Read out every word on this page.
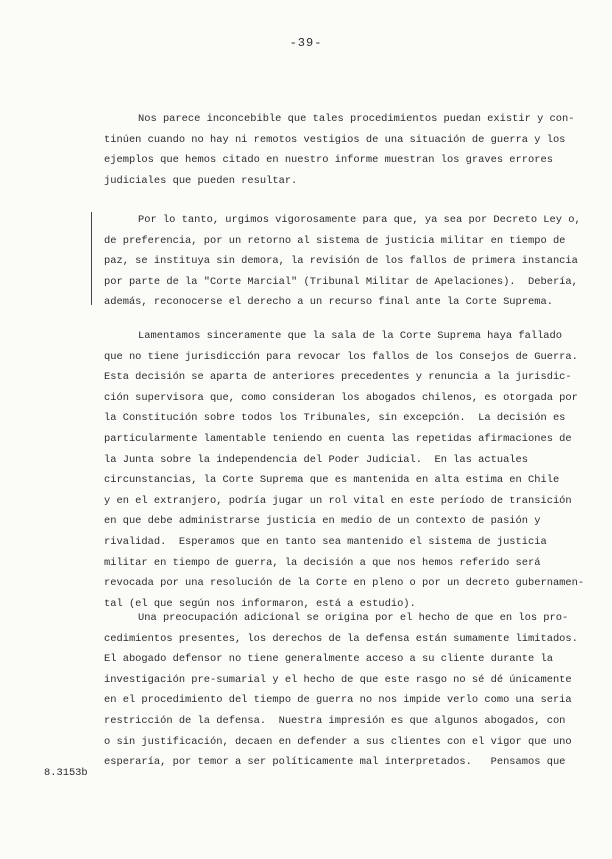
-39-
Nos parece inconcebible que tales procedimientos puedan existir y con-
tinúen cuando no hay ni remotos vestigios de una situación de guerra y los
ejemplos que hemos citado en nuestro informe muestran los graves errores
judiciales que pueden resultar.
Por lo tanto, urgimos vigorosamente para que, ya sea por Decreto Ley o,
de preferencia, por un retorno al sistema de justicia militar en tiempo de
paz, se instituya sin demora, la revisión de los fallos de primera instancia
por parte de la "Corte Marcial" (Tribunal Militar de Apelaciones).  Debería,
además, reconocerse el derecho a un recurso final ante la Corte Suprema.
Lamentamos sinceramente que la sala de la Corte Suprema haya fallado
que no tiene jurisdicción para revocar los fallos de los Consejos de Guerra.
Esta decisión se aparta de anteriores precedentes y renuncia a la jurisdic-
ción supervisora que, como consideran los abogados chilenos, es otorgada por
la Constitución sobre todos los Tribunales, sin excepción.  La decisión es
particularmente lamentable teniendo en cuenta las repetidas afirmaciones de
la Junta sobre la independencia del Poder Judicial.  En las actuales
circunstancias, la Corte Suprema que es mantenida en alta estima en Chile
y en el extranjero, podría jugar un rol vital en este período de transición
en que debe administrarse justicia en medio de un contexto de pasión y
rivalidad.  Esperamos que en tanto sea mantenido el sistema de justicia
militar en tiempo de guerra, la decisión a que nos hemos referido será
revocada por una resolución de la Corte en pleno o por un decreto gubernamen-
tal (el que según nos informaron, está a estudio).
Una preocupación adicional se origina por el hecho de que en los pro-
cedimientos presentes, los derechos de la defensa están sumamente limitados.
El abogado defensor no tiene generalmente acceso a su cliente durante la
investigación pre-sumarial y el hecho de que este rasgo no sé dé únicamente
en el procedimiento del tiempo de guerra no nos impide verlo como una seria
restricción de la defensa.  Nuestra impresión es que algunos abogados, con
o sin justificación, decaen en defender a sus clientes con el vigor que uno
esperaría, por temor a ser políticamente mal interpretados.   Pensamos que
8.3153b
